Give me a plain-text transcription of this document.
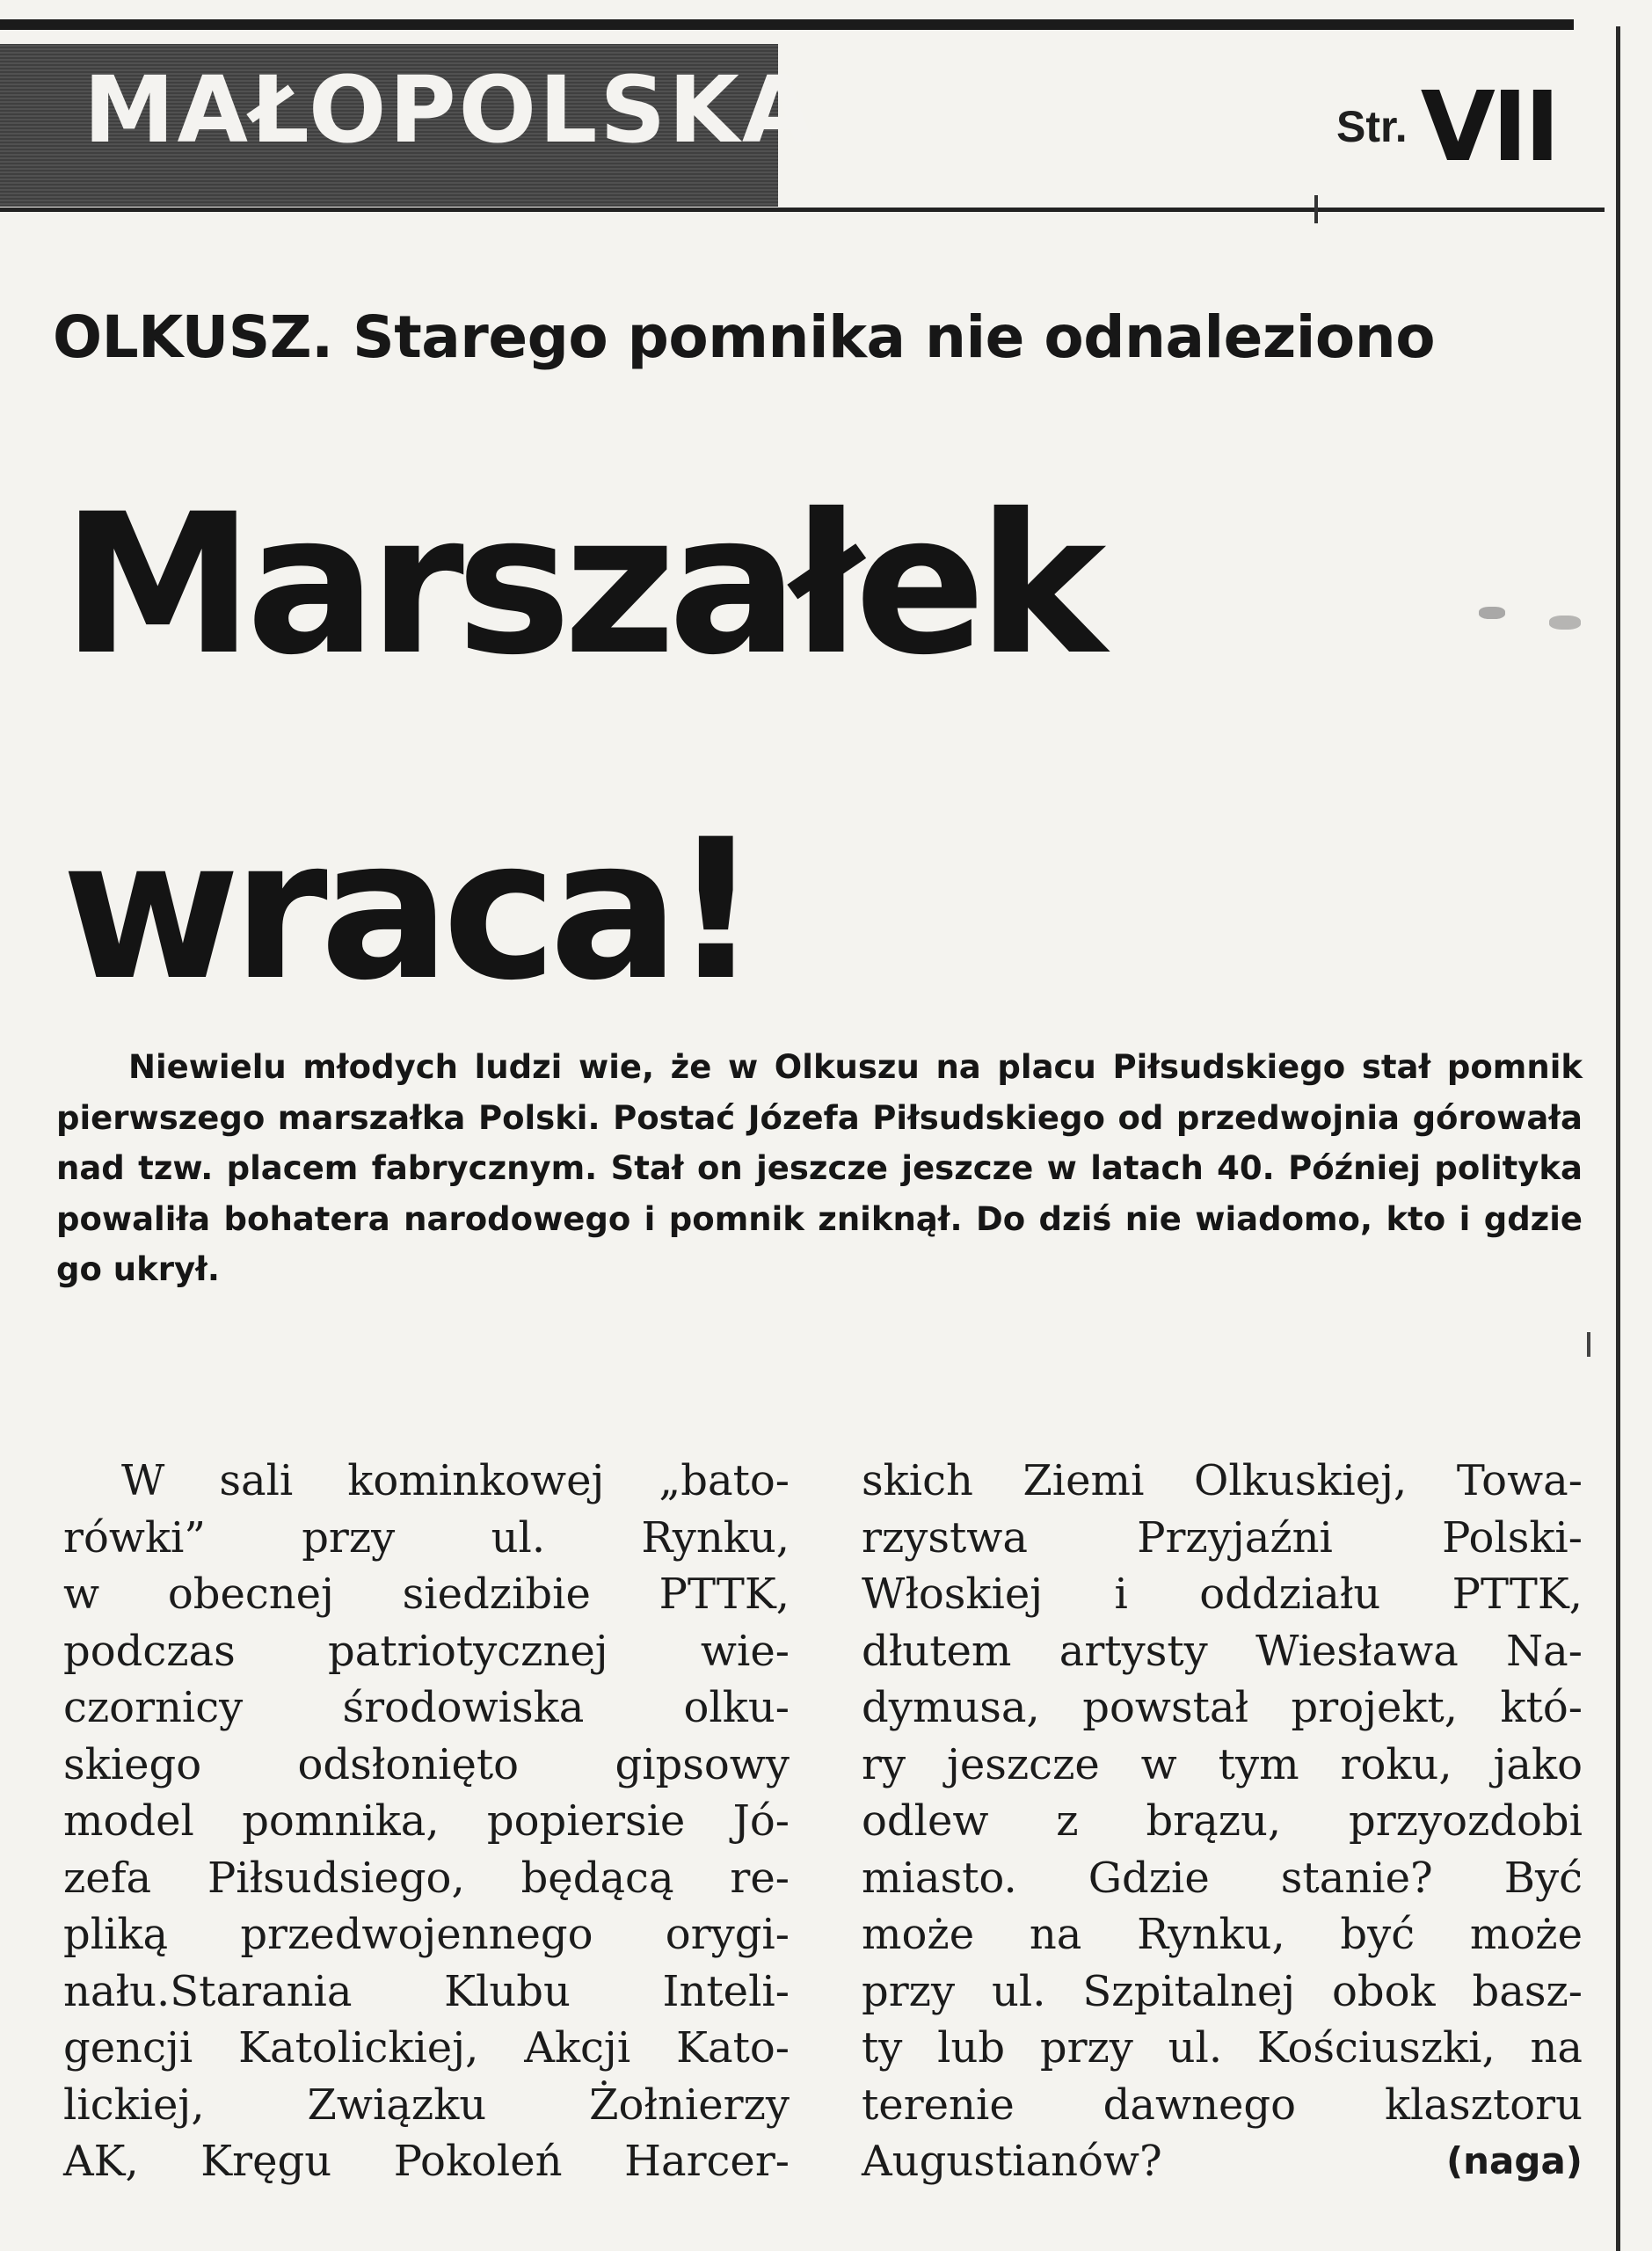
MAŁOPOLSKA	Str. VII
OLKUSZ. Starego pomnika nie odnaleziono
Marszałek
wraca!

Niewielu młodych ludzi wie, że w Olkuszu na placu Piłsudskiego stał pomnik pierwszego marszałka Polski. Postać Józefa Piłsudskiego od przedwojnia górowała nad tzw. placem fabrycznym. Stał on jeszcze jeszcze w latach 40. Później polityka powaliła bohatera narodowego i pomnik zniknął. Do dziś nie wiadomo, kto i gdzie go ukrył.

W sali kominkowej „bato-
rówki” przy ul. Rynku,
w obecnej siedzibie PTTK,
podczas patriotycznej wie-
czornicy środowiska olku-
skiego odsłonięto gipsowy
model pomnika, popiersie Jó-
zefa Piłsudsiego, będącą re-
pliką przedwojennego orygi-
nału.Starania Klubu Inteli-
gencji Katolickiej, Akcji Kato-
lickiej, Związku Żołnierzy
AK, Kręgu Pokoleń Harcer-
skich Ziemi Olkuskiej, Towa-
rzystwa Przyjaźni Polski-
Włoskiej i oddziału PTTK,
dłutem artysty Wiesława Na-
dymusa, powstał projekt, któ-
ry jeszcze w tym roku, jako
odlew z brązu, przyozdobi
miasto. Gdzie stanie? Być
może na Rynku, być może
przy ul. Szpitalnej obok basz-
ty lub przy ul. Kościuszki, na
terenie dawnego klasztoru
Augustianów?	(naga)
